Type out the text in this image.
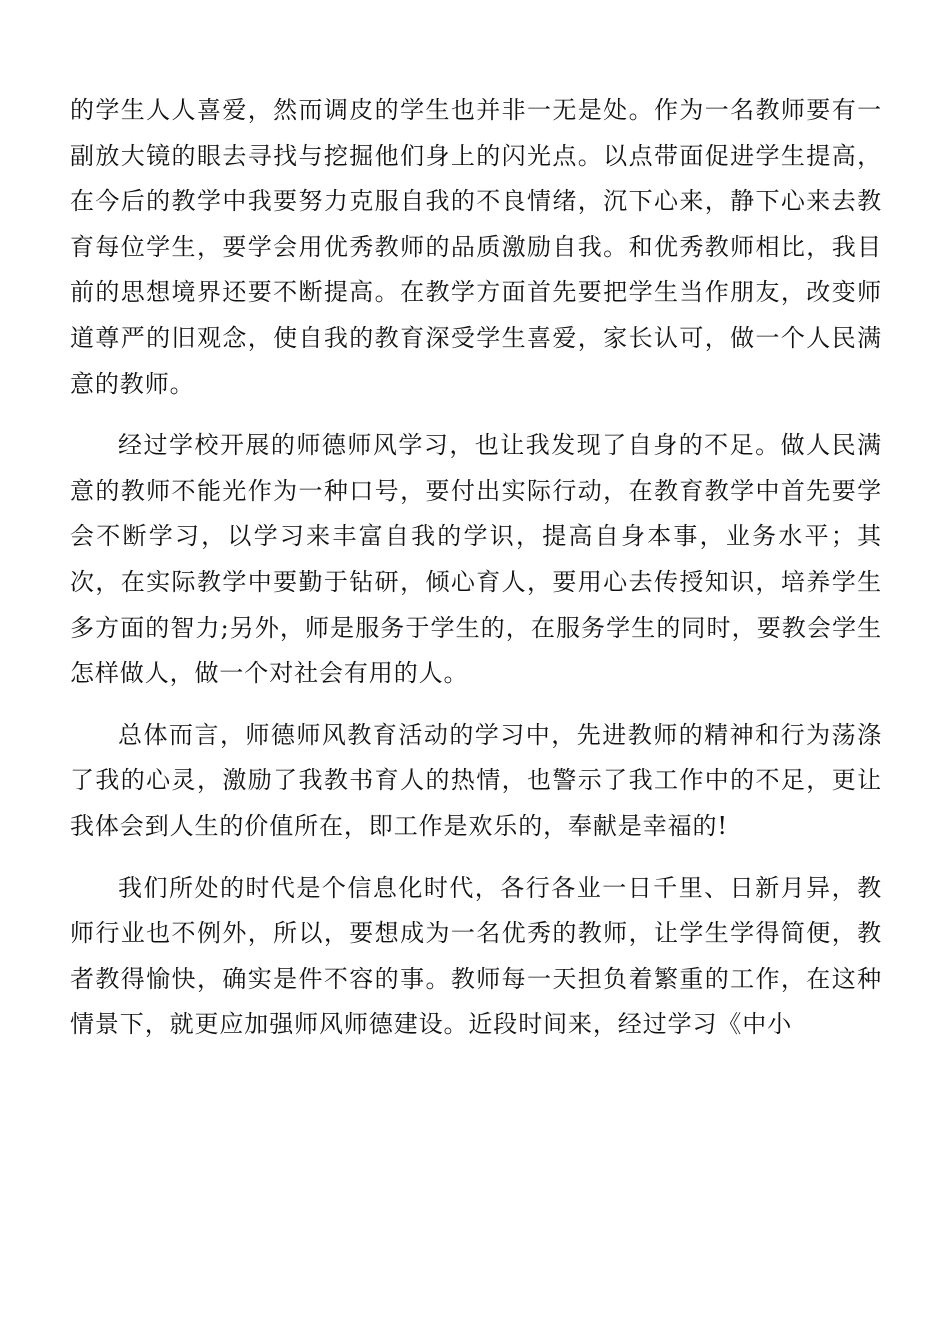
的学生人人喜爱，然而调皮的学生也并非一无是处。作为一名教师要有一副放大镜的眼去寻找与挖掘他们身上的闪光点。以点带面促进学生提高，在今后的教学中我要努力克服自我的不良情绪，沉下心来，静下心来去教育每位学生，要学会用优秀教师的品质激励自我。和优秀教师相比，我目前的思想境界还要不断提高。在教学方面首先要把学生当作朋友，改变师道尊严的旧观念，使自我的教育深受学生喜爱，家长认可，做一个人民满意的教师。

经过学校开展的师德师风学习，也让我发现了自身的不足。做人民满意的教师不能光作为一种口号，要付出实际行动，在教育教学中首先要学会不断学习，以学习来丰富自我的学识，提高自身本事，业务水平；其次，在实际教学中要勤于钻研，倾心育人，要用心去传授知识，培养学生多方面的智力;另外，师是服务于学生的，在服务学生的同时，要教会学生怎样做人，做一个对社会有用的人。

总体而言，师德师风教育活动的学习中，先进教师的精神和行为荡涤了我的心灵，激励了我教书育人的热情，也警示了我工作中的不足，更让我体会到人生的价值所在，即工作是欢乐的，奉献是幸福的!

我们所处的时代是个信息化时代，各行各业一日千里、日新月异，教师行业也不例外，所以，要想成为一名优秀的教师，让学生学得简便，教者教得愉快，确实是件不容的事。教师每一天担负着繁重的工作，在这种情景下，就更应加强师风师德建设。近段时间来，经过学习《中小
